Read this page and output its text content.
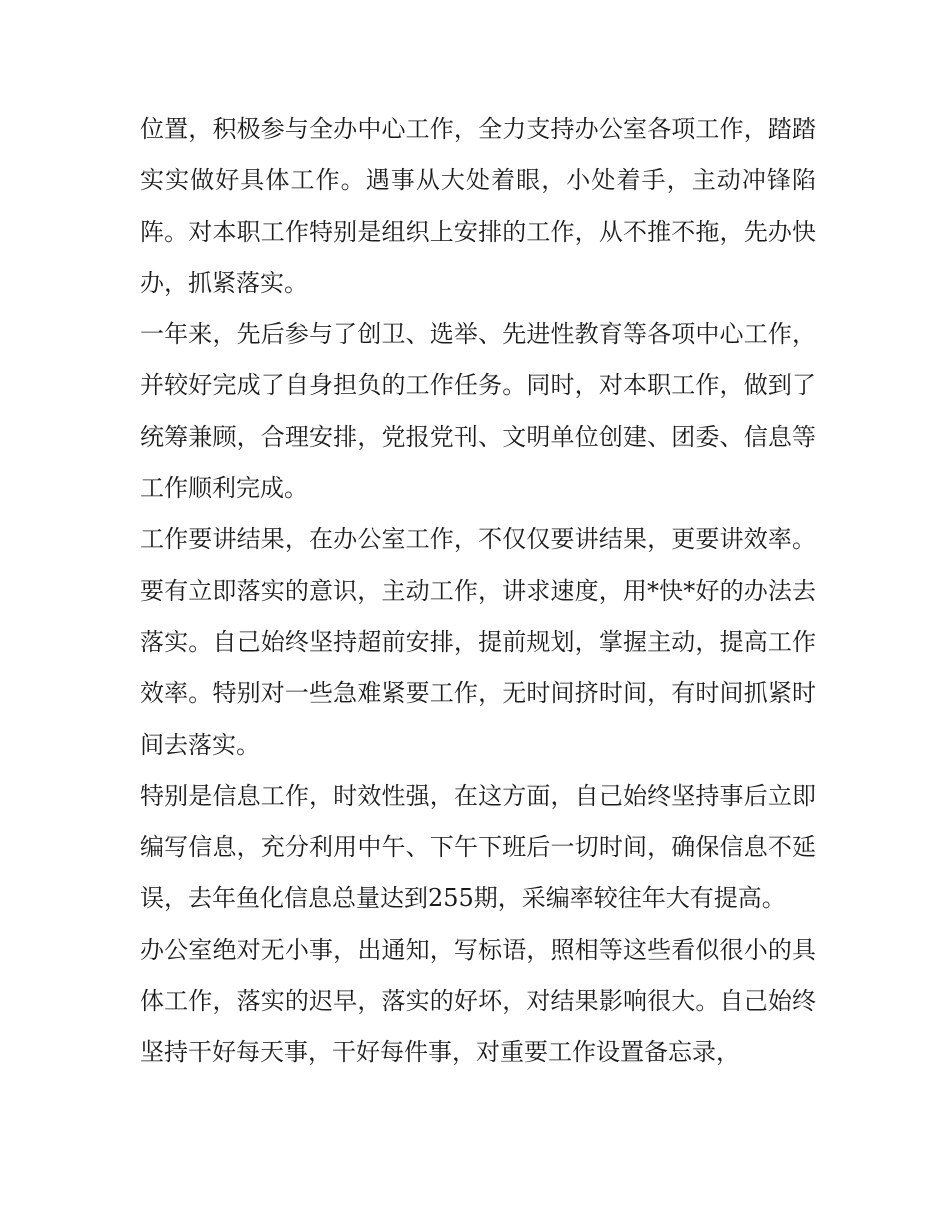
位置，积极参与全办中心工作，全力支持办公室各项工作，踏踏实实做好具体工作。遇事从大处着眼，小处着手，主动冲锋陷阵。对本职工作特别是组织上安排的工作，从不推不拖，先办快办，抓紧落实。

一年来，先后参与了创卫、选举、先进性教育等各项中心工作，并较好完成了自身担负的工作任务。同时，对本职工作，做到了统筹兼顾，合理安排，党报党刊、文明单位创建、团委、信息等工作顺利完成。

工作要讲结果，在办公室工作，不仅仅要讲结果，更要讲效率。要有立即落实的意识，主动工作，讲求速度，用*快*好的办法去落实。自己始终坚持超前安排，提前规划，掌握主动，提高工作效率。特别对一些急难紧要工作，无时间挤时间，有时间抓紧时间去落实。

特别是信息工作，时效性强，在这方面，自己始终坚持事后立即编写信息，充分利用中午、下午下班后一切时间，确保信息不延误，去年鱼化信息总量达到255期，采编率较往年大有提高。

办公室绝对无小事，出通知，写标语，照相等这些看似很小的具体工作，落实的迟早，落实的好坏，对结果影响很大。自己始终坚持干好每天事，干好每件事，对重要工作设置备忘录，
